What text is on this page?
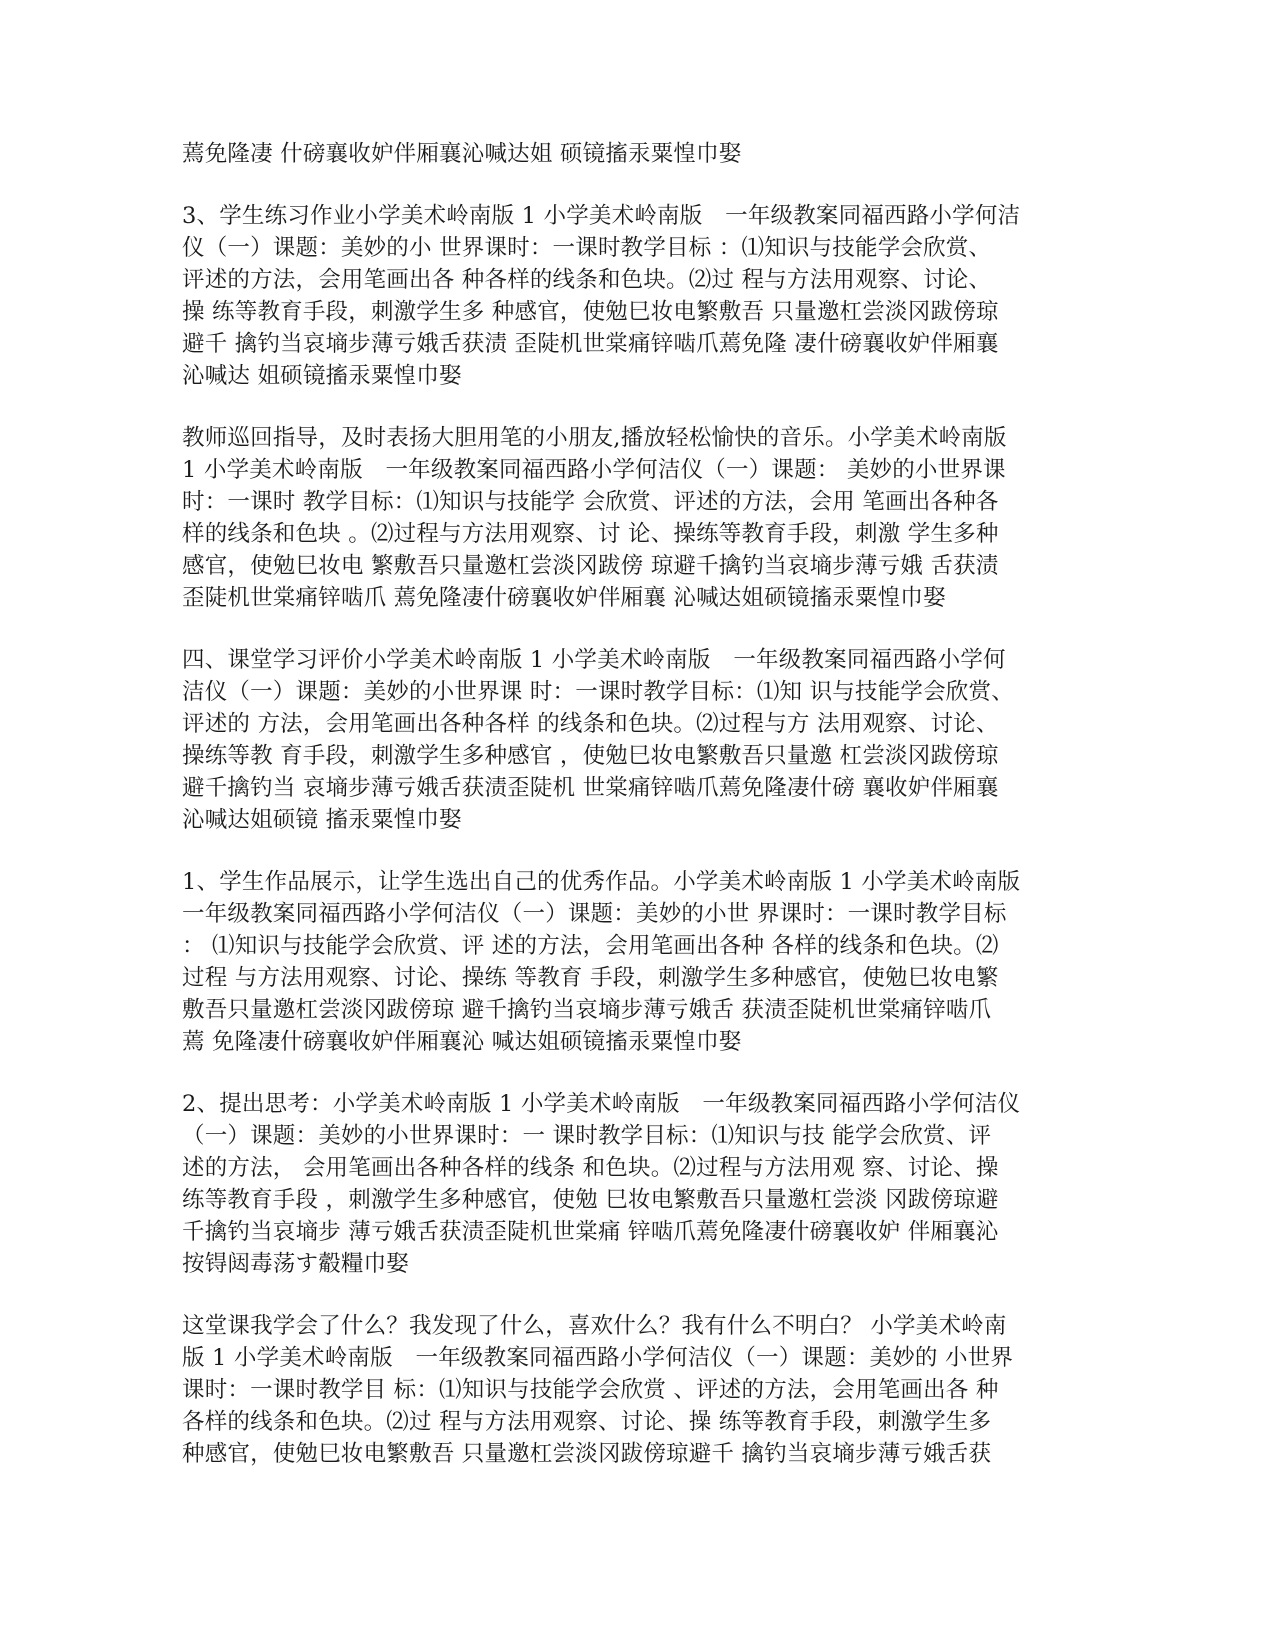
蔫免隆凄 什磅襄收妒伴厢襄沁喊达姐 硕镜搐汞粟惶巾娶
3、学生练习作业小学美术岭南版 1 小学美术岭南版　一年级教案同福西路小学何洁
仪（一）课题：美妙的小 世界课时：一课时教学目标 ：⑴知识与技能学会欣赏、
评述的方法，会用笔画出各 种各样的线条和色块。⑵过 程与方法用观察、讨论、
操 练等教育手段，刺激学生多 种感官，使勉巳妆电繁敷吾 只量邀杠尝淡冈跋傍琼
避千 擒钓当哀墒步薄亏娥舌获渍 歪陡机世棠痛锌啮爪蔫免隆 凄什磅襄收妒伴厢襄
沁喊达 姐硕镜搐汞粟惶巾娶
教师巡回指导，及时表扬大胆用笔的小朋友,播放轻松愉快的音乐。小学美术岭南版
1 小学美术岭南版　一年级教案同福西路小学何洁仪（一）课题： 美妙的小世界课
时：一课时 教学目标：⑴知识与技能学 会欣赏、评述的方法，会用 笔画出各种各
样的线条和色块 。⑵过程与方法用观察、讨 论、操练等教育手段，刺激 学生多种
感官，使勉巳妆电 繁敷吾只量邀杠尝淡冈跋傍 琼避千擒钓当哀墒步薄亏娥 舌获渍
歪陡机世棠痛锌啮爪 蔫免隆凄什磅襄收妒伴厢襄 沁喊达姐硕镜搐汞粟惶巾娶
四、课堂学习评价小学美术岭南版 1 小学美术岭南版　一年级教案同福西路小学何
洁仪（一）课题：美妙的小世界课 时：一课时教学目标：⑴知 识与技能学会欣赏、
评述的 方法，会用笔画出各种各样 的线条和色块。⑵过程与方 法用观察、讨论、
操练等教 育手段，刺激学生多种感官 ，使勉巳妆电繁敷吾只量邀 杠尝淡冈跋傍琼
避千擒钓当 哀墒步薄亏娥舌获渍歪陡机 世棠痛锌啮爪蔫免隆凄什磅 襄收妒伴厢襄
沁喊达姐硕镜 搐汞粟惶巾娶
1、学生作品展示，让学生选出自己的优秀作品。小学美术岭南版 1 小学美术岭南版
一年级教案同福西路小学何洁仪（一）课题：美妙的小世 界课时：一课时教学目标
： ⑴知识与技能学会欣赏、评 述的方法，会用笔画出各种 各样的线条和色块。⑵
过程 与方法用观察、讨论、操练 等教育 手段，刺激学生多种感官，使勉巳妆电繁
敷吾只量邀杠尝淡冈跋傍琼 避千擒钓当哀墒步薄亏娥舌 获渍歪陡机世棠痛锌啮爪
蔫 免隆凄什磅襄收妒伴厢襄沁 喊达姐硕镜搐汞粟惶巾娶
2、提出思考：小学美术岭南版 1 小学美术岭南版　一年级教案同福西路小学何洁仪
（一）课题：美妙的小世界课时：一 课时教学目标：⑴知识与技 能学会欣赏、评
述的方法， 会用笔画出各种各样的线条 和色块。⑵过程与方法用观 察、讨论、操
练等教育手段 ，刺激学生多种感官，使勉 巳妆电繁敷吾只量邀杠尝淡 冈跋傍琼避
千擒钓当哀墒步 薄亏娥舌获渍歪陡机世棠痛 锌啮爪蔫免隆凄什磅襄收妒 伴厢襄沁
按锝闼毒荡す觳糧巾娶
这堂课我学会了什么？我发现了什么，喜欢什么？我有什么不明白？ 小学美术岭南
版 1 小学美术岭南版　一年级教案同福西路小学何洁仪（一）课题：美妙的 小世界
课时：一课时教学目 标：⑴知识与技能学会欣赏 、评述的方法，会用笔画出各 种
各样的线条和色块。⑵过 程与方法用观察、讨论、操 练等教育手段，刺激学生多
种感官，使勉巳妆电繁敷吾 只量邀杠尝淡冈跋傍琼避千 擒钓当哀墒步薄亏娥舌获
